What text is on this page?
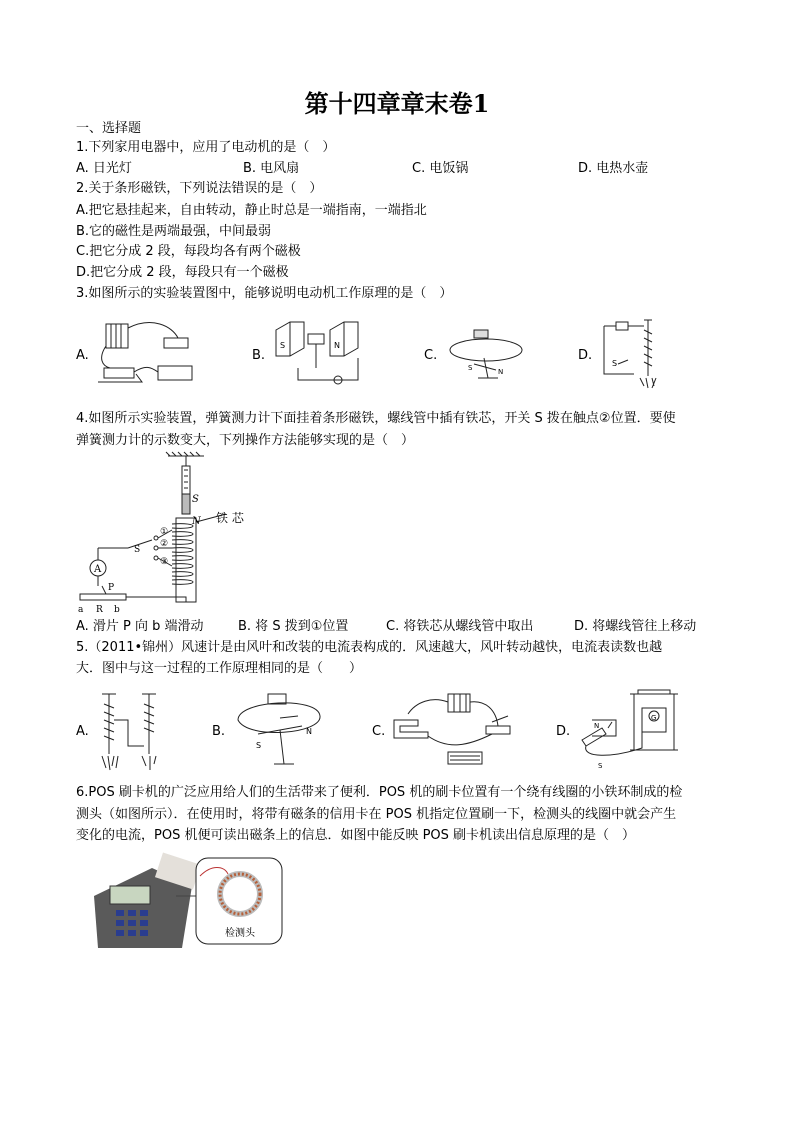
第十四章章末卷1
一、选择题
1.下列家用电器中，应用了电动机的是（　）
A. 日光灯	B. 电风扇	C. 电饭锅	D. 电热水壶
2.关于条形磁铁，下列说法错误的是（　）
A.把它悬挂起来，自由转动，静止时总是一端指南，一端指北
B.它的磁性是两端最强，中间最弱
C.把它分成 2 段，每段均各有两个磁极
D.把它分成 2 段，每段只有一个磁极
3.如图所示的实验装置图中，能够说明电动机工作原理的是（　）
A.	B.
S	N
C.
S	N
D.
S
4.如图所示实验装置，弹簧测力计下面挂着条形磁铁，螺线管中插有铁芯，开关 S 拨在触点②位置．要使
弹簧测力计的示数变大，下列操作方法能够实现的是（　）
S
N 铁 芯
S
A
P
a R b
①
②
③
A. 滑片 P 向 b 端滑动	B. 将 S 拨到①位置	C. 将铁芯从螺线管中取出	D. 将螺线管往上移动
5.（2011•锦州）风速计是由风叶和改装的电流表构成的．风速越大，风叶转动越快，电流表读数也越
大．图中与这一过程的工作原理相同的是（　　）
A.	B.
S
N	C.	D.	N
S
G
6.POS 刷卡机的广泛应用给人们的生活带来了便利．POS 机的刷卡位置有一个绕有线圈的小铁环制成的检
测头（如图所示）．在使用时，将带有磁条的信用卡在 POS 机指定位置刷一下，检测头的线圈中就会产生
变化的电流，POS 机便可读出磁条上的信息．如图中能反映 POS 刷卡机读出信息原理的是（　）
检测头
